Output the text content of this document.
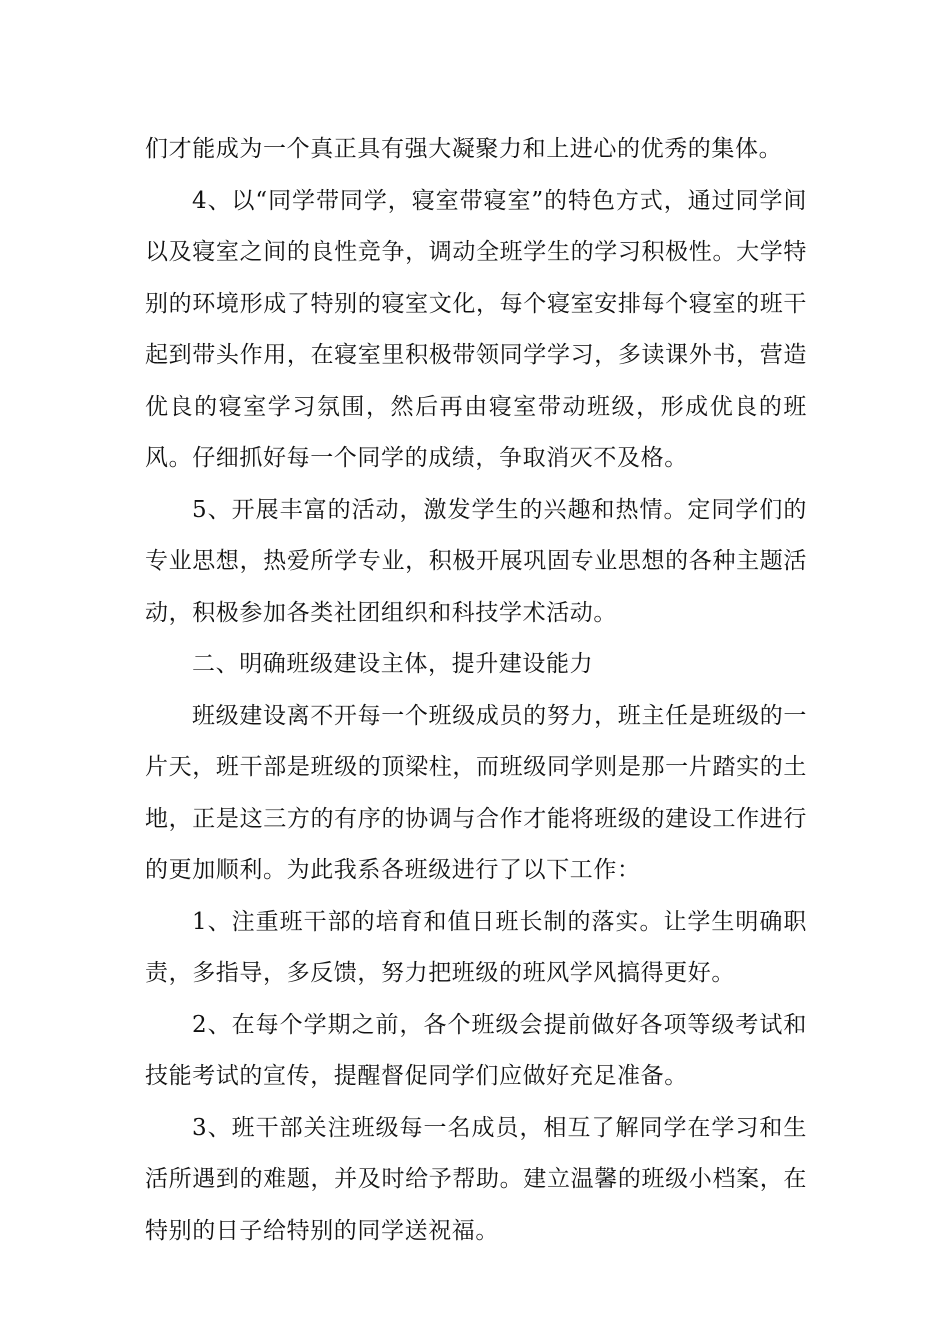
们才能成为一个真正具有强大凝聚力和上进心的优秀的集体。

4、以“同学带同学，寝室带寝室”的特色方式，通过同学间以及寝室之间的良性竞争，调动全班学生的学习积极性。大学特别的环境形成了特别的寝室文化，每个寝室安排每个寝室的班干起到带头作用，在寝室里积极带领同学学习，多读课外书，营造优良的寝室学习氛围，然后再由寝室带动班级，形成优良的班风。仔细抓好每一个同学的成绩，争取消灭不及格。

5、开展丰富的活动，激发学生的兴趣和热情。定同学们的专业思想，热爱所学专业，积极开展巩固专业思想的各种主题活动，积极参加各类社团组织和科技学术活动。

二、明确班级建设主体，提升建设能力

班级建设离不开每一个班级成员的努力，班主任是班级的一片天，班干部是班级的顶梁柱，而班级同学则是那一片踏实的土地，正是这三方的有序的协调与合作才能将班级的建设工作进行的更加顺利。为此我系各班级进行了以下工作：

1、注重班干部的培育和值日班长制的落实。让学生明确职责，多指导，多反馈，努力把班级的班风学风搞得更好。

2、在每个学期之前，各个班级会提前做好各项等级考试和技能考试的宣传，提醒督促同学们应做好充足准备。

3、班干部关注班级每一名成员，相互了解同学在学习和生活所遇到的难题，并及时给予帮助。建立温馨的班级小档案，在特别的日子给特别的同学送祝福。
